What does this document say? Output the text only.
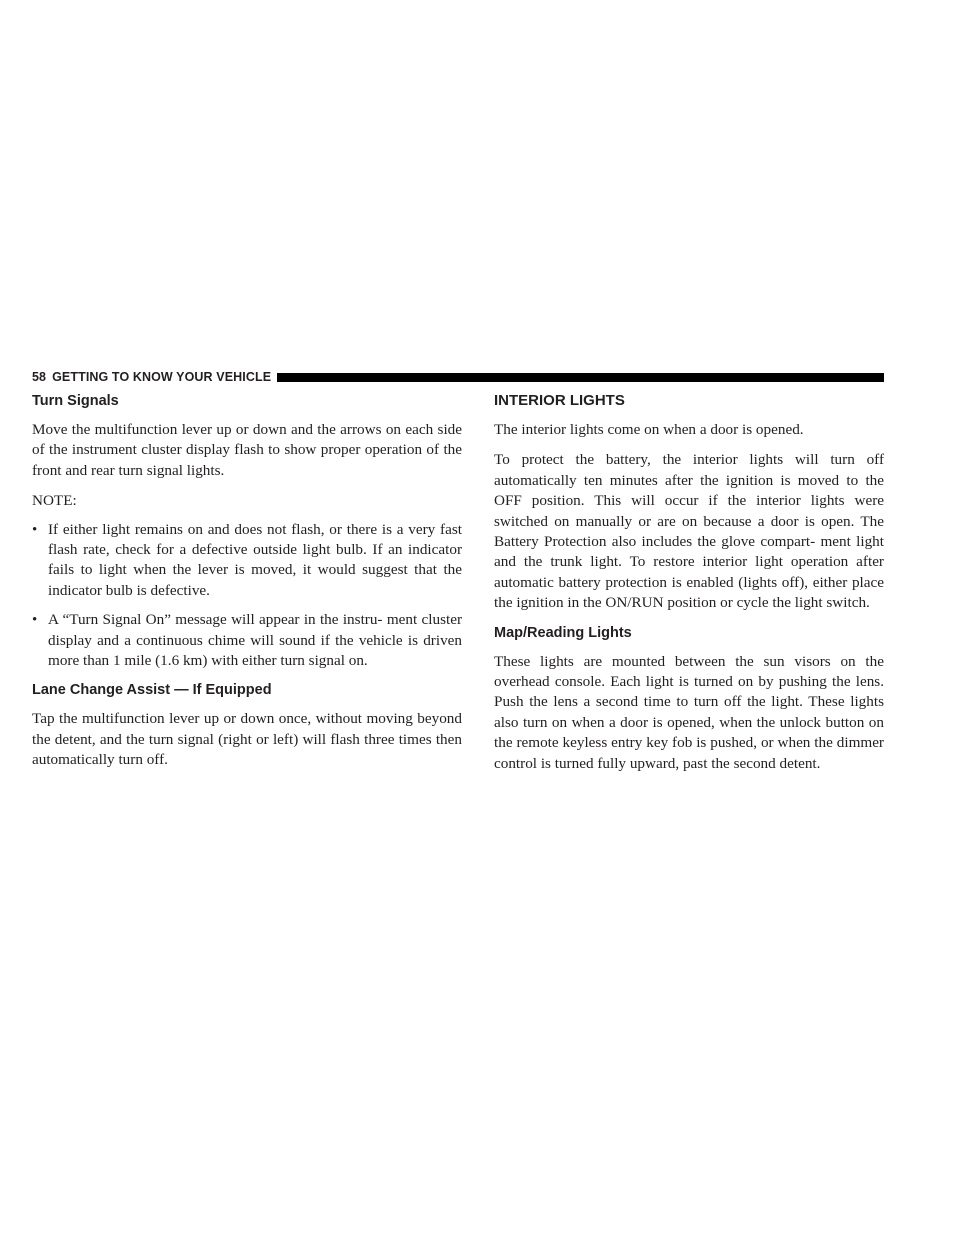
58 GETTING TO KNOW YOUR VEHICLE
Turn Signals

Move the multifunction lever up or down and the arrows on each side of the instrument cluster display flash to show proper operation of the front and rear turn signal lights.

NOTE:
• If either light remains on and does not flash, or there is a very fast flash rate, check for a defective outside light bulb. If an indicator fails to light when the lever is moved, it would suggest that the indicator bulb is defective.

• A “Turn Signal On” message will appear in the instru- ment cluster display and a continuous chime will sound if the vehicle is driven more than 1 mile (1.6 km) with either turn signal on.

Lane Change Assist — If Equipped

Tap the multifunction lever up or down once, without moving beyond the detent, and the turn signal (right or left) will flash three times then automatically turn off.

INTERIOR LIGHTS

The interior lights come on when a door is opened.

To protect the battery, the interior lights will turn off automatically ten minutes after the ignition is moved to the OFF position. This will occur if the interior lights were switched on manually or are on because a door is open. The Battery Protection also includes the glove compart- ment light and the trunk light. To restore interior light operation after automatic battery protection is enabled (lights off), either place the ignition in the ON/RUN position or cycle the light switch.

Map/Reading Lights

These lights are mounted between the sun visors on the overhead console. Each light is turned on by pushing the lens. Push the lens a second time to turn off the light. These lights also turn on when a door is opened, when the unlock button on the remote keyless entry key fob is pushed, or when the dimmer control is turned fully upward, past the second detent.
